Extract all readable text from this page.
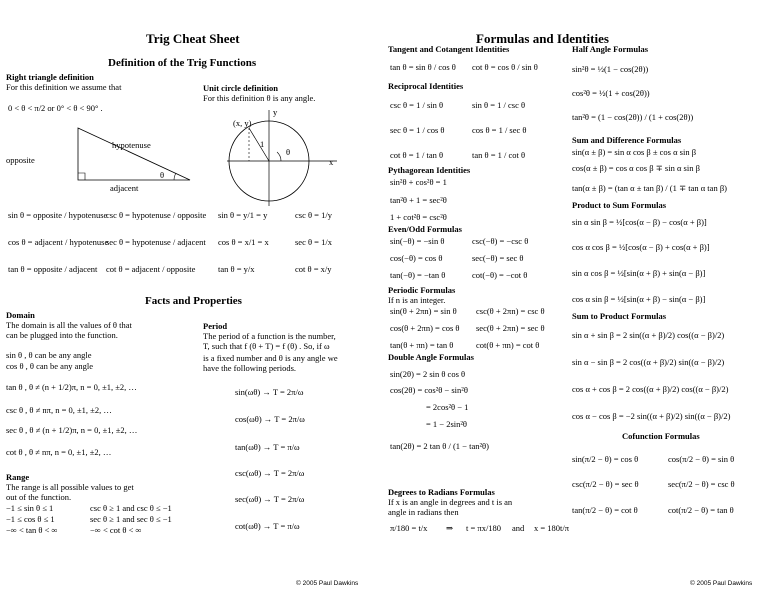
Trig Cheat Sheet
Definition of the Trig Functions
Right triangle definition
For this definition we assume that
0 < θ < π/2 or 0° < θ < 90° .
hypotenuse
opposite
adjacent
θ
sin θ = opposite / hypotenuse
csc θ = hypotenuse / opposite
cos θ = adjacent / hypotenuse
sec θ = hypotenuse / adjacent
tan θ = opposite / adjacent cot θ = adjacent / opposite
Unit circle definition
For this definition θ is any angle.
(x, y)
x
y
1
θ
sin θ = y/1 = y	csc θ = 1/y
cos θ = x/1 = x	sec θ = 1/x
tan θ = y/x	cot θ = x/y
Facts and Properties
Domain
The domain is all the values of θ that
can be plugged into the function.
sin θ , θ can be any angle
cos θ , θ can be any angle
tan θ , θ ≠ (n + 1/2)π, n = 0, ±1, ±2, …
csc θ , θ ≠ nπ, n = 0, ±1, ±2, …
sec θ , θ ≠ (n + 1/2)π, n = 0, ±1, ±2, …
cot θ , θ ≠ nπ, n = 0, ±1, ±2, …
Period
The period of a function is the number,
T, such that f (θ + T) = f (θ) . So, if ω
is a fixed number and θ is any angle we
have the following periods.
sin(ωθ) → T = 2π/ω
cos(ωθ) → T = 2π/ω
tan(ωθ) → T = π/ω
csc(ωθ) → T = 2π/ω
sec(ωθ) → T = 2π/ω
cot(ωθ) → T = π/ω
Range
The range is all possible values to get
out of the function.
−1 ≤ sin θ ≤ 1	csc θ ≥ 1 and csc θ ≤ −1
−1 ≤ cos θ ≤ 1	sec θ ≥ 1 and sec θ ≤ −1
−∞ < tan θ < ∞	−∞ < cot θ < ∞
© 2005 Paul Dawkins
Formulas and Identities
Tangent and Cotangent Identities
tan θ = sin θ / cos θ cot θ = cos θ / sin θ
Reciprocal Identities
csc θ = 1 / sin θ	sin θ = 1 / csc θ
sec θ = 1 / cos θ	cos θ = 1 / sec θ
cot θ = 1 / tan θ	tan θ = 1 / cot θ
Pythagorean Identities
sin²θ + cos²θ = 1
tan²θ + 1 = sec²θ
1 + cot²θ = csc²θ
Even/Odd Formulas
sin(−θ) = −sin θ	csc(−θ) = −csc θ
cos(−θ) = cos θ	sec(−θ) = sec θ
tan(−θ) = −tan θ	cot(−θ) = −cot θ
Periodic Formulas
If n is an integer.
sin(θ + 2πn) = sin θ csc(θ + 2πn) = csc θ
cos(θ + 2πn) = cos θ sec(θ + 2πn) = sec θ
tan(θ + πn) = tan θ	cot(θ + πn) = cot θ
Double Angle Formulas
sin(2θ) = 2 sin θ cos θ
cos(2θ) = cos²θ − sin²θ
= 2cos²θ − 1
= 1 − 2sin²θ
tan(2θ) = 2 tan θ / (1 − tan²θ)
Degrees to Radians Formulas
If x is an angle in degrees and t is an
angle in radians then
π/180 = t/x ⇒ t = πx/180 and x = 180t/π
Half Angle Formulas
sin²θ = ½(1 − cos(2θ))
cos²θ = ½(1 + cos(2θ))
tan²θ = (1 − cos(2θ)) / (1 + cos(2θ))
Sum and Difference Formulas
sin(α ± β) = sin α cos β ± cos α sin β
cos(α ± β) = cos α cos β ∓ sin α sin β
tan(α ± β) = (tan α ± tan β) / (1 ∓ tan α tan β)
Product to Sum Formulas
sin α sin β = ½[cos(α − β) − cos(α + β)]
cos α cos β = ½[cos(α − β) + cos(α + β)]
sin α cos β = ½[sin(α + β) + sin(α − β)]
cos α sin β = ½[sin(α + β) − sin(α − β)]
Sum to Product Formulas
sin α + sin β = 2 sin((α + β)/2) cos((α − β)/2)
sin α − sin β = 2 cos((α + β)/2) sin((α − β)/2)
cos α + cos β = 2 cos((α + β)/2) cos((α − β)/2)
cos α − cos β = −2 sin((α + β)/2) sin((α − β)/2)
Cofunction Formulas
sin(π/2 − θ) = cos θ	cos(π/2 − θ) = sin θ
csc(π/2 − θ) = sec θ	sec(π/2 − θ) = csc θ
tan(π/2 − θ) = cot θ	cot(π/2 − θ) = tan θ
© 2005 Paul Dawkins
